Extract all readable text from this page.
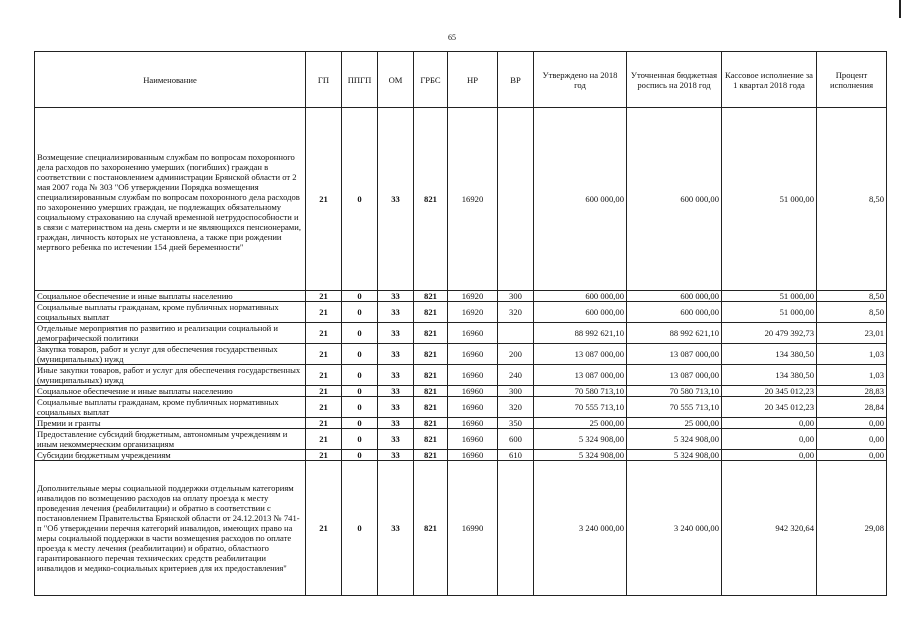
65
Наименование	ГП	ППГП	ОМ	ГРБС	НР	ВР	Утверждено на 2018 год	Уточненная бюджетная роспись на 2018 год	Кассовое исполнение за 1 квартал 2018 года	Процент исполнения
Возмещение специализированным службам по вопросам похоронного дела расходов по захоронению умерших (погибших) граждан в соответствии с постановлением администрации Брянской области от 2 мая 2007 года № 303 "Об утверждении Порядка возмещения специализированным службам по вопросам похоронного дела расходов по захоронению умерших граждан, не подлежащих обязательному социальному страхованию на случай временной нетрудоспособности и в связи с материнством на день смерти и не являющихся пенсионерами, граждан, личность которых не установлена, а также при рождении мертвого ребенка по истечении 154 дней беременности"	21	0	33	821	16920		600 000,00	600 000,00	51 000,00	8,50
Социальное обеспечение и иные выплаты населению	21	0	33	821	16920	300	600 000,00	600 000,00	51 000,00	8,50
Социальные выплаты гражданам, кроме публичных нормативных социальных выплат	21	0	33	821	16920	320	600 000,00	600 000,00	51 000,00	8,50
Отдельные мероприятия по развитию и реализации социальной и демографической политики	21	0	33	821	16960		88 992 621,10	88 992 621,10	20 479 392,73	23,01
Закупка товаров, работ и услуг для обеспечения государственных (муниципальных) нужд	21	0	33	821	16960	200	13 087 000,00	13 087 000,00	134 380,50	1,03
Иные закупки товаров, работ и услуг для обеспечения государственных (муниципальных) нужд	21	0	33	821	16960	240	13 087 000,00	13 087 000,00	134 380,50	1,03
Социальное обеспечение и иные выплаты населению	21	0	33	821	16960	300	70 580 713,10	70 580 713,10	20 345 012,23	28,83
Социальные выплаты гражданам, кроме публичных нормативных социальных выплат	21	0	33	821	16960	320	70 555 713,10	70 555 713,10	20 345 012,23	28,84
Премии и гранты	21	0	33	821	16960	350	25 000,00	25 000,00	0,00	0,00
Предоставление субсидий бюджетным, автономным учреждениям и иным некоммерческим организациям	21	0	33	821	16960	600	5 324 908,00	5 324 908,00	0,00	0,00
Субсидии бюджетным учреждениям	21	0	33	821	16960	610	5 324 908,00	5 324 908,00	0,00	0,00
Дополнительные меры социальной поддержки отдельным категориям инвалидов по возмещению расходов на оплату проезда к месту проведения лечения (реабилитации) и обратно в соответствии с постановлением Правительства Брянской области от 24.12.2013 № 741-п "Об утверждении перечня категорий инвалидов, имеющих право на меры социальной поддержки в части возмещения расходов по оплате проезда к месту лечения (реабилитации) и обратно, областного гарантированного перечня технических средств реабилитации инвалидов и медико-социальных критериев для их предоставления"	21	0	33	821	16990		3 240 000,00	3 240 000,00	942 320,64	29,08
